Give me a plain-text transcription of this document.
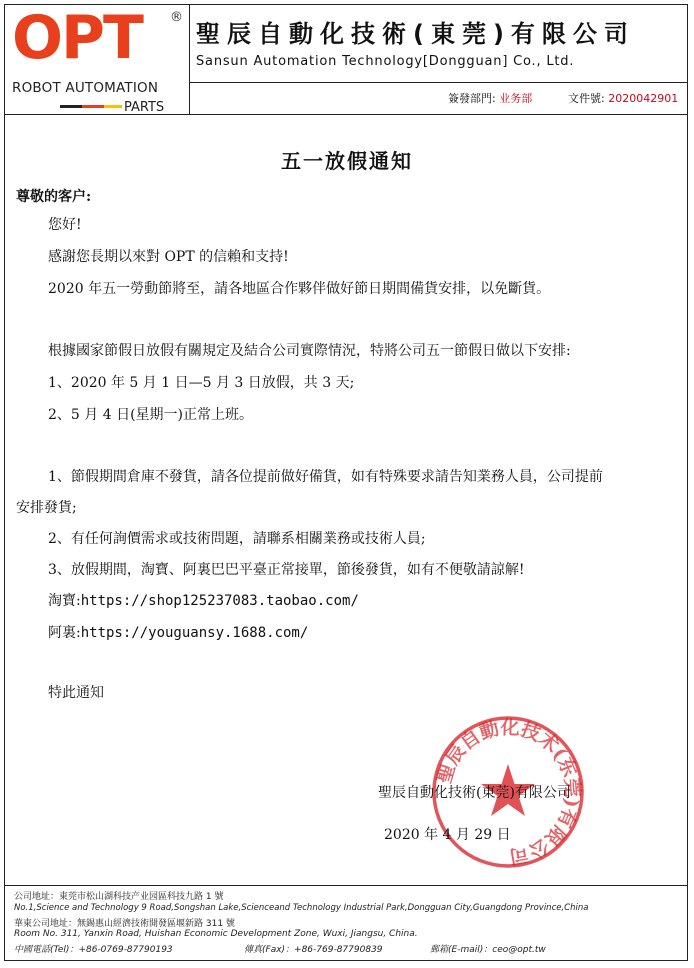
OPT ®
ROBOT AUTOMATION
PARTS
聖辰自動化技術(東莞)有限公司
Sansun Automation Technology[Dongguan] Co., Ltd.
簽發部門: 业务部	文件號: 2020042901
五一放假通知
尊敬的客户:
您好!
感謝您長期以來對 OPT 的信賴和支持!
2020 年五一勞動節將至，請各地區合作夥伴做好節日期間備貨安排，以免斷貨。
根據國家節假日放假有關規定及結合公司實際情況，特將公司五一節假日做以下安排:
1、2020 年 5 月 1 日—5 月 3 日放假，共 3 天;
2、5 月 4 日(星期一)正常上班。
1、節假期間倉庫不發貨，請各位提前做好備貨，如有特殊要求請告知業務人員，公司提前
安排發貨;
2、有任何詢價需求或技術問題，請聯系相關業務或技術人員;
3、放假期間，淘寶、阿裏巴巴平臺正常接單，節後發貨，如有不便敬請諒解!
淘寶:https://shop125237083.taobao.com/
阿裏:https://youguansy.1688.com/
特此通知
聖辰自動化技术(东莞)有限公司
聖辰自動化技術(東莞)有限公司
2020 年 4 月 29 日
公司地址：東莞市松山湖科技产业园區科技九路 1 號
No.1,Science and Technology 9 Road,Songshan Lake,Scienceand Technology Industrial Park,Dongguan City,Guangdong Province,China
華東公司地址：無錫惠山經濟技術開發區堰新路 311 號
Room No. 311, Yanxin Road, Huishan Economic Development Zone, Wuxi, Jiangsu, China.
中國電話(Tel)：+86-0769-87790193	傳真(Fax)：+86-769-87790839	郵箱(E-mail)：ceo@opt.tw
